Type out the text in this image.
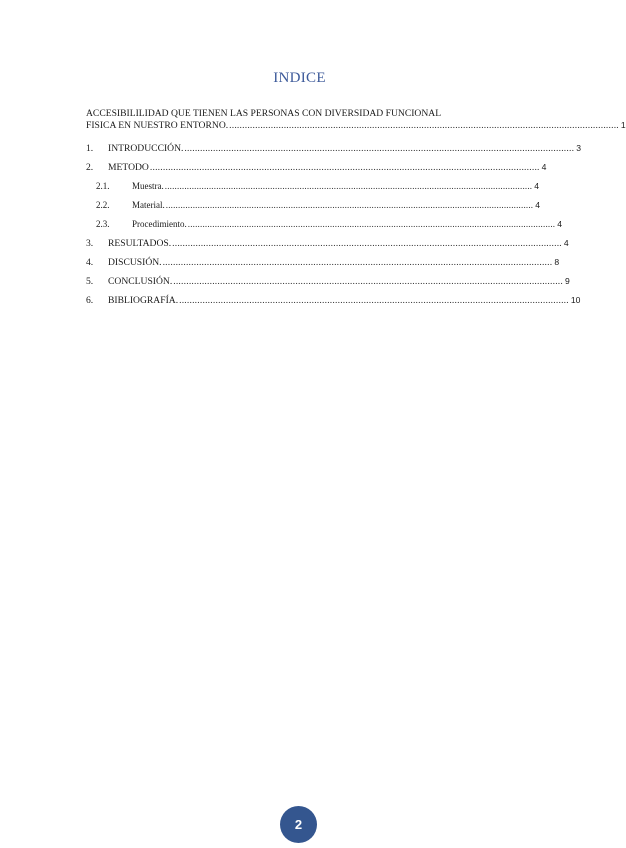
INDICE
ACCESIBILILIDAD QUE TIENEN LAS PERSONAS CON DIVERSIDAD FUNCIONAL
FISICA EN NUESTRO ENTORNO. ...................................................................................................................................................... 1
1.	INTRODUCCIÓN. ...................................................................................................................................................... 3
2.	METODO ...................................................................................................................................................... 4
2.1.	Muestra. ...................................................................................................................................................... 4
2.2.	Material. ...................................................................................................................................................... 4
2.3.	Procedimiento. ...................................................................................................................................................... 4
3.	RESULTADOS. ...................................................................................................................................................... 4
4.	DISCUSIÓN. ...................................................................................................................................................... 8
5.	CONCLUSIÓN. ...................................................................................................................................................... 9
6.	BIBLIOGRAFÍA. ...................................................................................................................................................... 10
2
